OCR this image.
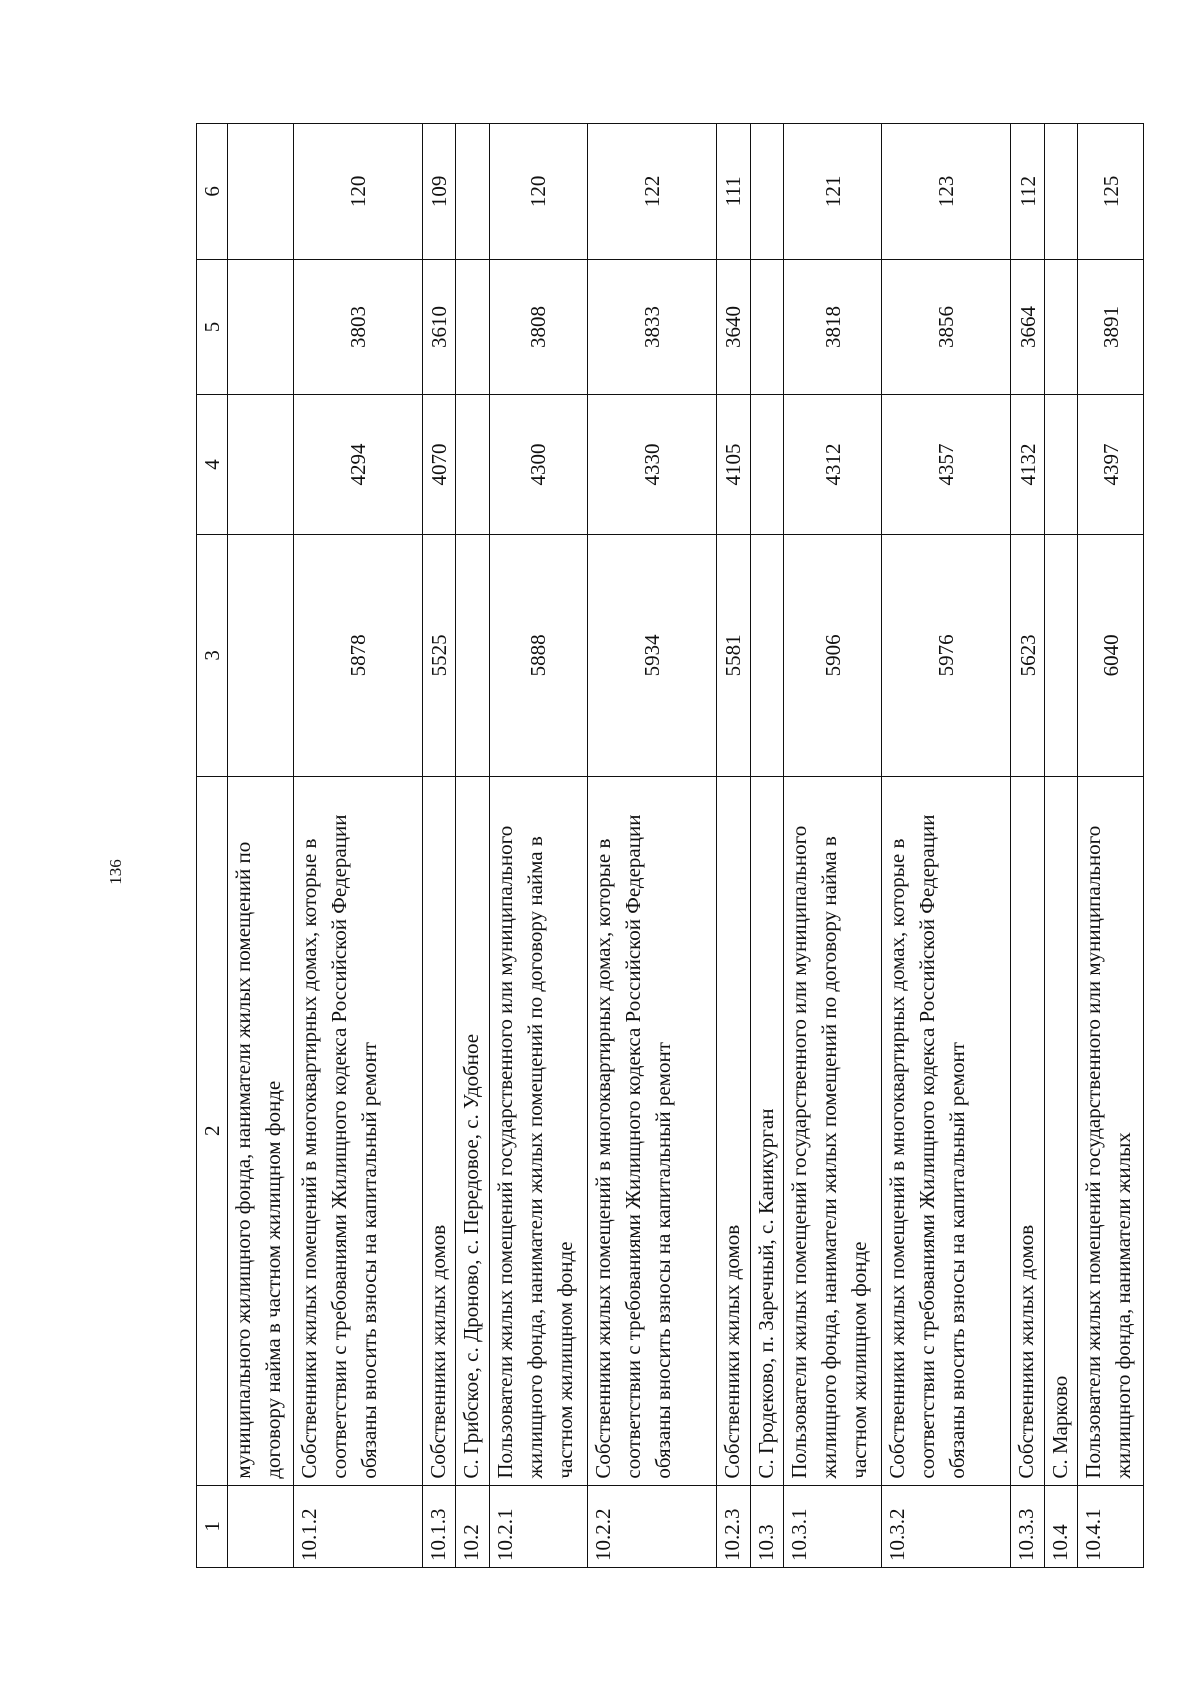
136
1	2	3	4	5	6
	муниципального жилищного фонда, наниматели жилых помещений по договору найма в частном жилищном фонде				
10.1.2	Собственники жилых помещений в многоквартирных домах, которые в соответствии с требованиями Жилищного кодекса Российской Федерации обязаны вносить взносы на капитальный ремонт	5878	4294	3803	120
10.1.3	Собственники жилых домов	5525	4070	3610	109
10.2	С. Грибское, с. Дроново, с. Передовое, с. Удобное				
10.2.1	Пользователи жилых помещений государственного или муниципального жилищного фонда, наниматели жилых помещений по договору найма в частном жилищном фонде	5888	4300	3808	120
10.2.2	Собственники жилых помещений в многоквартирных домах, которые в соответствии с требованиями Жилищного кодекса Российской Федерации обязаны вносить взносы на капитальный ремонт	5934	4330	3833	122
10.2.3	Собственники жилых домов	5581	4105	3640	111
10.3	С. Гродеково, п. Заречный, с. Каникурган				
10.3.1	Пользователи жилых помещений государственного или муниципального жилищного фонда, наниматели жилых помещений по договору найма в частном жилищном фонде	5906	4312	3818	121
10.3.2	Собственники жилых помещений в многоквартирных домах, которые в соответствии с требованиями Жилищного кодекса Российской Федерации обязаны вносить взносы на капитальный ремонт	5976	4357	3856	123
10.3.3	Собственники жилых домов	5623	4132	3664	112
10.4	С. Марково				
10.4.1	Пользователи жилых помещений государственного или муниципального жилищного фонда, наниматели жилых	6040	4397	3891	125
